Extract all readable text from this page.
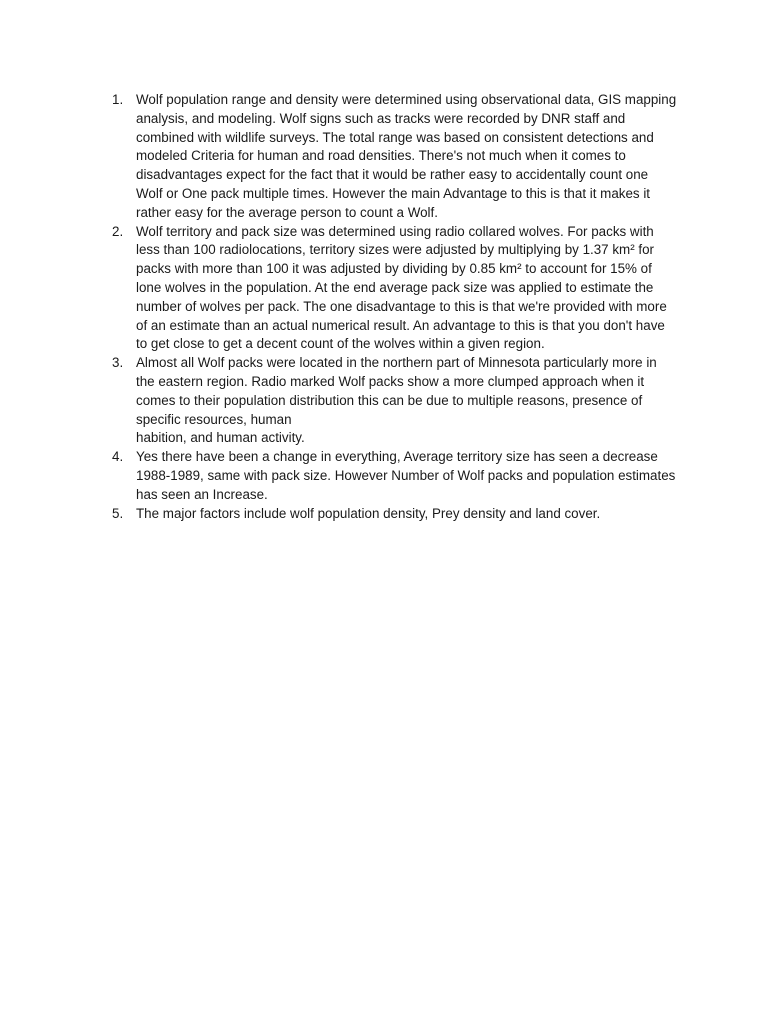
1. Wolf population range and density were determined using observational data, GIS mapping analysis, and modeling. Wolf signs such as tracks were recorded by DNR staff and combined with wildlife surveys. The total range was based on consistent detections and modeled Criteria for human and road densities. There's not much when it comes to disadvantages expect for the fact that it would be rather easy to accidentally count one Wolf or One pack multiple times. However the main Advantage to this is that it makes it rather easy for the average person to count a Wolf.
2. Wolf territory and pack size was determined using radio collared wolves. For packs with less than 100 radiolocations, territory sizes were adjusted by multiplying by 1.37 km² for packs with more than 100 it was adjusted by dividing by 0.85 km² to account for 15% of lone wolves in the population. At the end average pack size was applied to estimate the number of wolves per pack. The one disadvantage to this is that we're provided with more of an estimate than an actual numerical result. An advantage to this is that you don't have to get close to get a decent count of the wolves within a given region.
3. Almost all Wolf packs were located in the northern part of Minnesota particularly more in the eastern region. Radio marked Wolf packs show a more clumped approach when it comes to their population distribution this can be due to multiple reasons, presence of specific resources, human
habition, and human activity.
4. Yes there have been a change in everything, Average territory size has seen a decrease 1988-1989, same with pack size. However Number of Wolf packs and population estimates has seen an Increase.
5. The major factors include wolf population density, Prey density and land cover.
